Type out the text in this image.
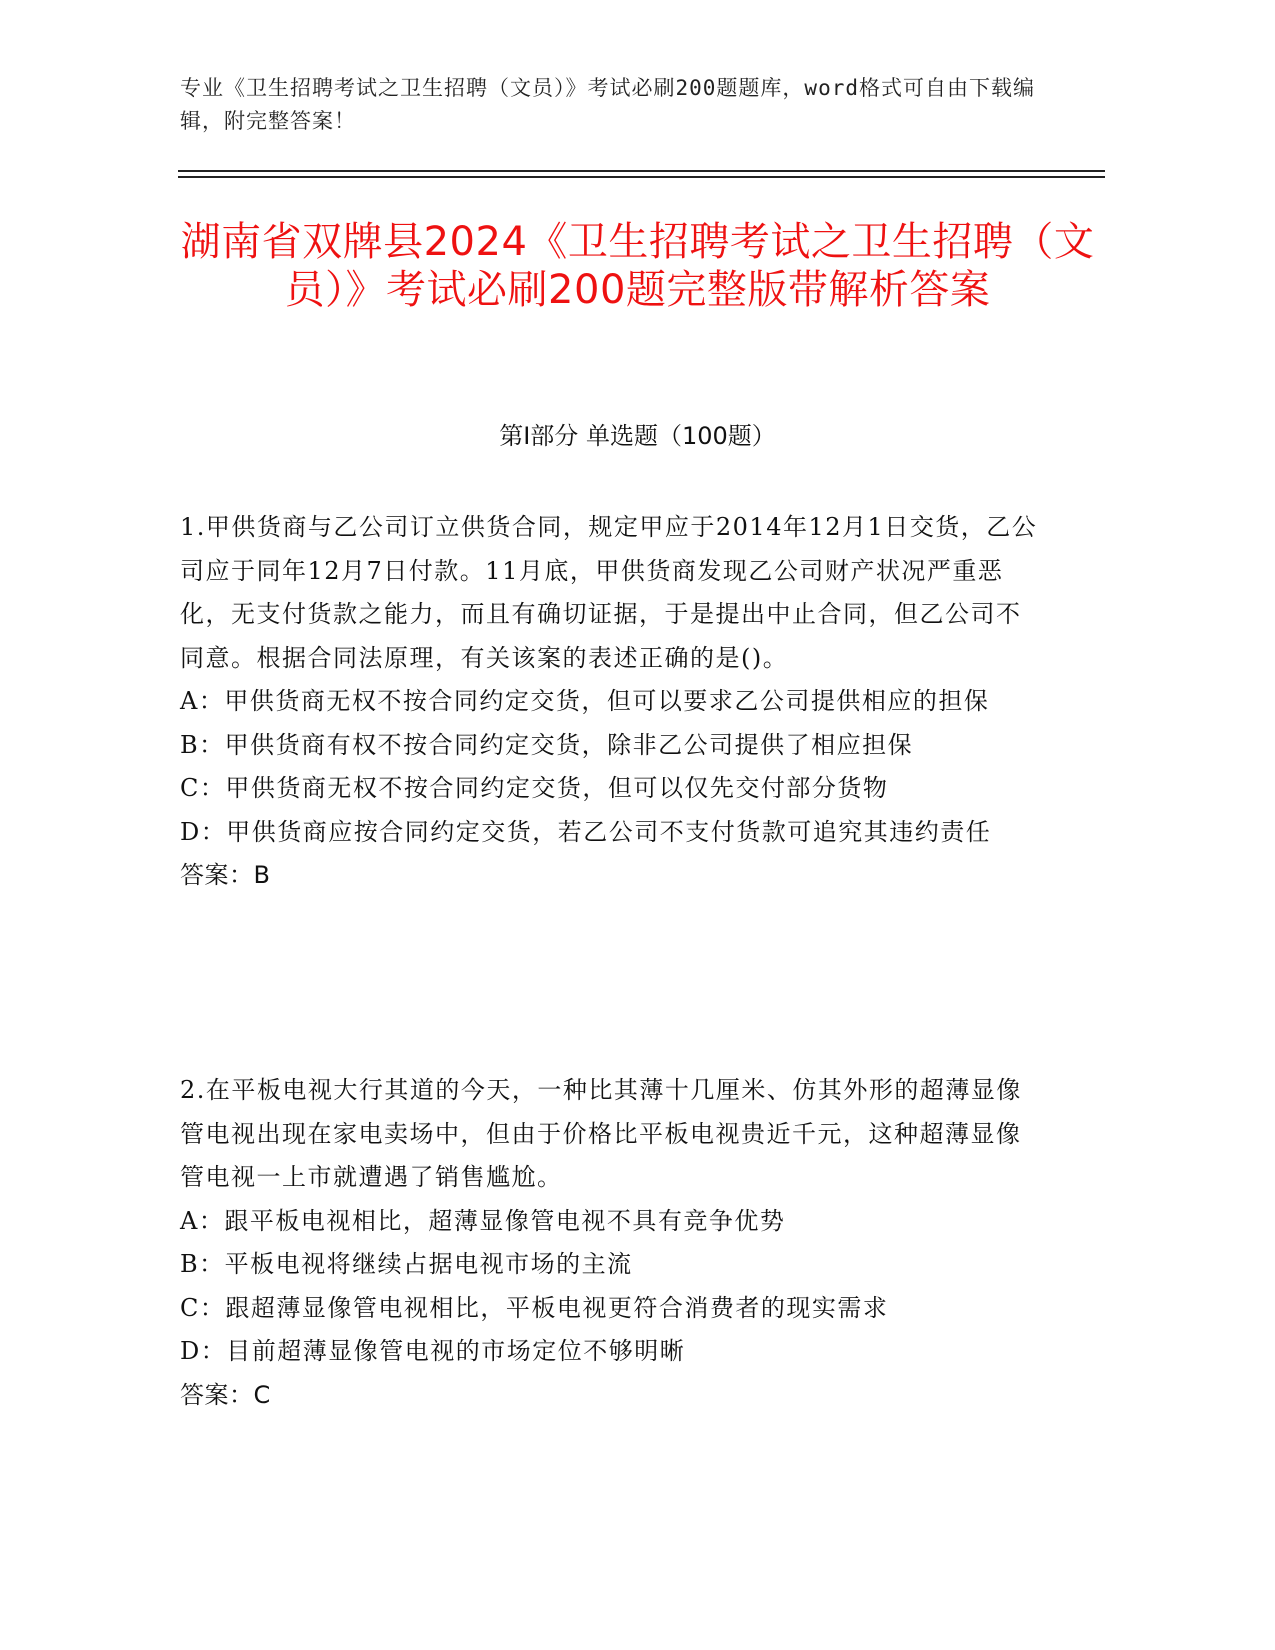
专业《卫生招聘考试之卫生招聘（文员）》考试必刷200题题库，word格式可自由下载编辑，附完整答案！
湖南省双牌县2024《卫生招聘考试之卫生招聘（文员）》考试必刷200题完整版带解析答案
第Ⅰ部分 单选题（100题）

1.甲供货商与乙公司订立供货合同，规定甲应于2014年12月1日交货，乙公司应于同年12月7日付款。11月底，甲供货商发现乙公司财产状况严重恶化，无支付货款之能力，而且有确切证据，于是提出中止合同，但乙公司不同意。根据合同法原理，有关该案的表述正确的是()。

A：甲供货商无权不按合同约定交货，但可以要求乙公司提供相应的担保

B：甲供货商有权不按合同约定交货，除非乙公司提供了相应担保

C：甲供货商无权不按合同约定交货，但可以仅先交付部分货物

D：甲供货商应按合同约定交货，若乙公司不支付货款可追究其违约责任

答案：B

2.在平板电视大行其道的今天，一种比其薄十几厘米、仿其外形的超薄显像管电视出现在家电卖场中，但由于价格比平板电视贵近千元，这种超薄显像管电视一上市就遭遇了销售尴尬。

A：跟平板电视相比，超薄显像管电视不具有竞争优势

B：平板电视将继续占据电视市场的主流

C：跟超薄显像管电视相比，平板电视更符合消费者的现实需求

D：目前超薄显像管电视的市场定位不够明晰

答案：C
